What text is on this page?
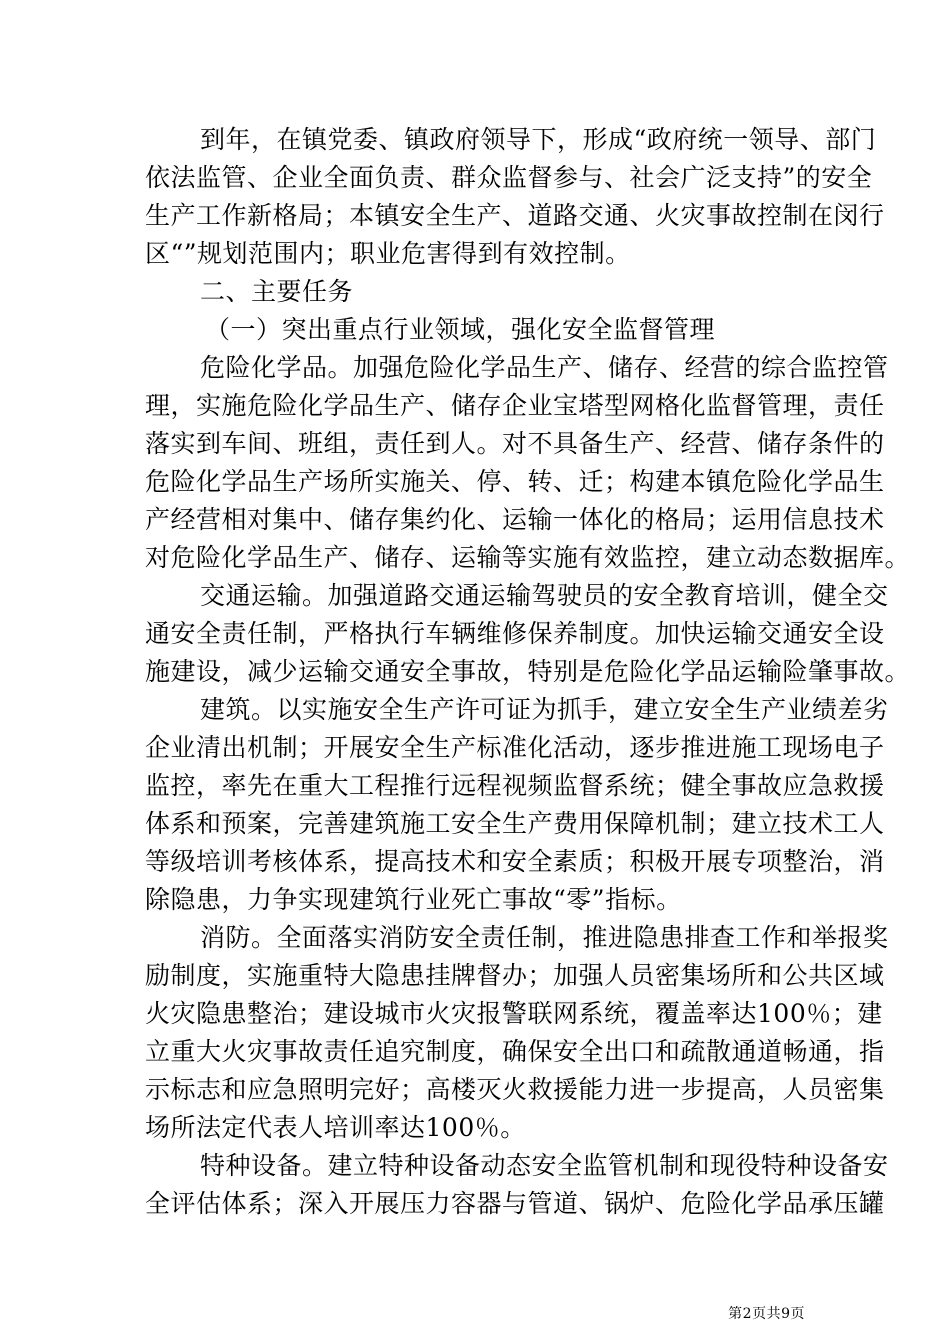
到年，在镇党委、镇政府领导下，形成“政府统一领导、部门
依法监管、企业全面负责、群众监督参与、社会广泛支持”的安全
生产工作新格局；本镇安全生产、道路交通、火灾事故控制在闵行
区“”规划范围内；职业危害得到有效控制。
二、主要任务
（一）突出重点行业领域，强化安全监督管理
危险化学品。加强危险化学品生产、储存、经营的综合监控管
理，实施危险化学品生产、储存企业宝塔型网格化监督管理，责任
落实到车间、班组，责任到人。对不具备生产、经营、储存条件的
危险化学品生产场所实施关、停、转、迁；构建本镇危险化学品生
产经营相对集中、储存集约化、运输一体化的格局；运用信息技术
对危险化学品生产、储存、运输等实施有效监控，建立动态数据库。
交通运输。加强道路交通运输驾驶员的安全教育培训，健全交
通安全责任制，严格执行车辆维修保养制度。加快运输交通安全设
施建设，减少运输交通安全事故，特别是危险化学品运输险肇事故。
建筑。以实施安全生产许可证为抓手，建立安全生产业绩差劣
企业清出机制；开展安全生产标准化活动，逐步推进施工现场电子
监控，率先在重大工程推行远程视频监督系统；健全事故应急救援
体系和预案，完善建筑施工安全生产费用保障机制；建立技术工人
等级培训考核体系，提高技术和安全素质；积极开展专项整治，消
除隐患，力争实现建筑行业死亡事故“零”指标。
消防。全面落实消防安全责任制，推进隐患排查工作和举报奖
励制度，实施重特大隐患挂牌督办；加强人员密集场所和公共区域
火灾隐患整治；建设城市火灾报警联网系统，覆盖率达100％；建
立重大火灾事故责任追究制度，确保安全出口和疏散通道畅通，指
示标志和应急照明完好；高楼灭火救援能力进一步提高，人员密集
场所法定代表人培训率达100％。
特种设备。建立特种设备动态安全监管机制和现役特种设备安
全评估体系；深入开展压力容器与管道、锅炉、危险化学品承压罐
第2页共9页
